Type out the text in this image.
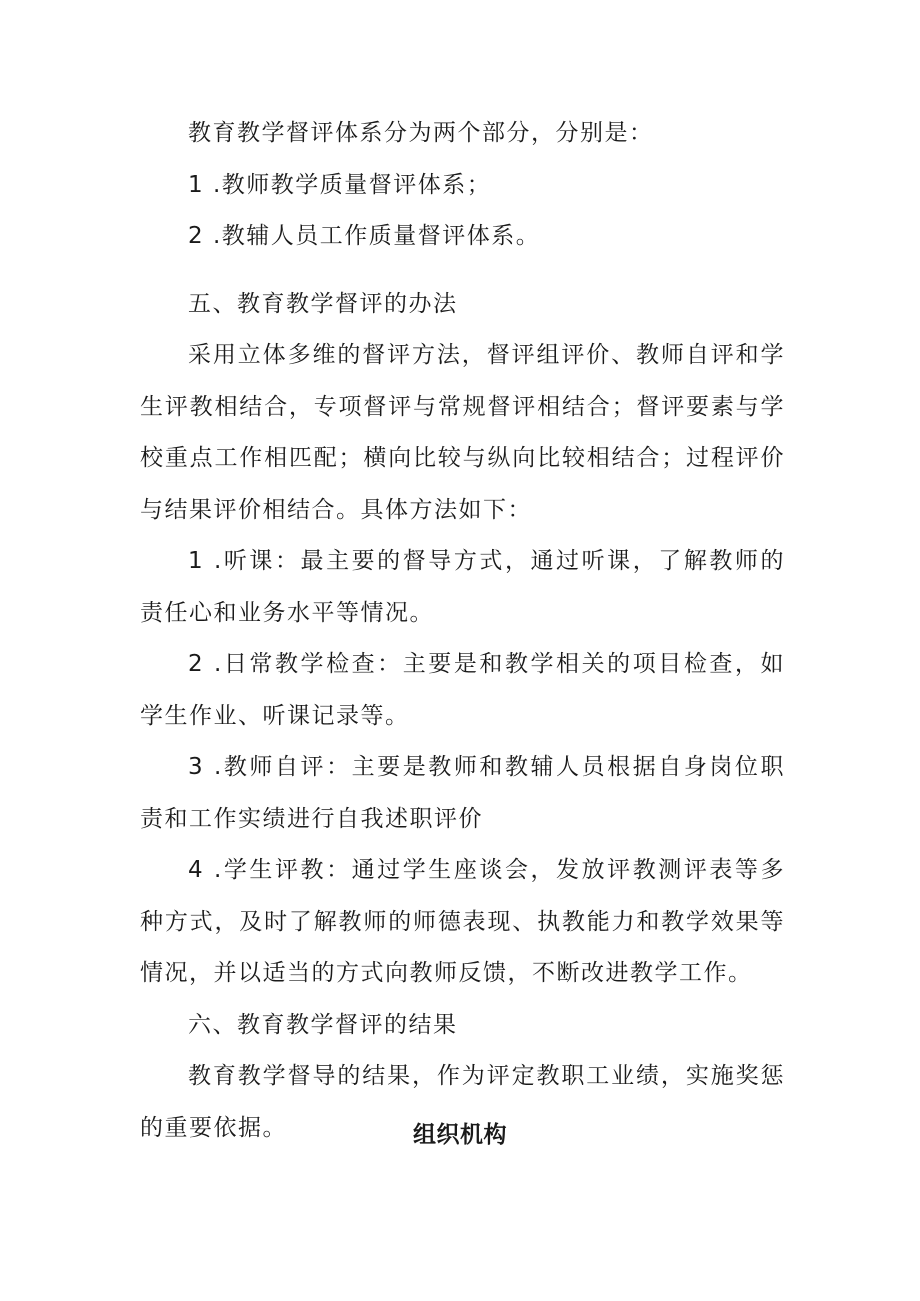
教育教学督评体系分为两个部分，分别是：

1 .教师教学质量督评体系；

2 .教辅人员工作质量督评体系。

五、教育教学督评的办法

采用立体多维的督评方法，督评组评价、教师自评和学生评教相结合，专项督评与常规督评相结合；督评要素与学校重点工作相匹配；横向比较与纵向比较相结合；过程评价与结果评价相结合。具体方法如下：

1 .听课：最主要的督导方式，通过听课，了解教师的责任心和业务水平等情况。

2 .日常教学检查：主要是和教学相关的项目检查，如学生作业、听课记录等。

3 .教师自评：主要是教师和教辅人员根据自身岗位职责和工作实绩进行自我述职评价

4 .学生评教：通过学生座谈会，发放评教测评表等多种方式，及时了解教师的师德表现、执教能力和教学效果等情况，并以适当的方式向教师反馈，不断改进教学工作。

六、教育教学督评的结果

教育教学督导的结果，作为评定教职工业绩，实施奖惩的重要依据。	组织机构
